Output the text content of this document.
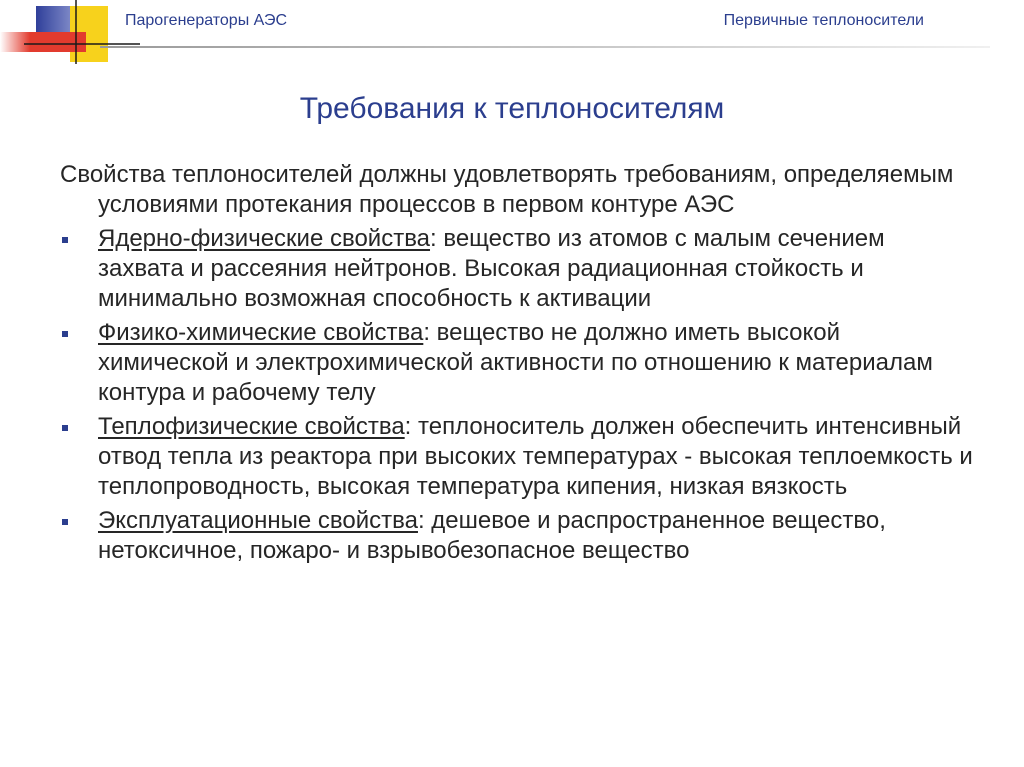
Парогенераторы АЭС	Первичные теплоносители
Требования к теплоносителям

Свойства теплоносителей должны удовлетворять требованиям, определяемым условиями протекания процессов в первом контуре АЭС

Ядерно-физические свойства: вещество из атомов с малым сечением захвата и рассеяния нейтронов. Высокая радиационная стойкость и минимально возможная способность к активации
Физико-химические свойства: вещество не должно иметь высокой химической и электрохимической активности по отношению к материалам контура и рабочему телу
Теплофизические свойства: теплоноситель должен обеспечить интенсивный отвод тепла из реактора при высоких температурах - высокая теплоемкость и теплопроводность, высокая температура кипения, низкая вязкость
Эксплуатационные свойства: дешевое и распространенное вещество, нетоксичное, пожаро- и взрывобезопасное вещество
